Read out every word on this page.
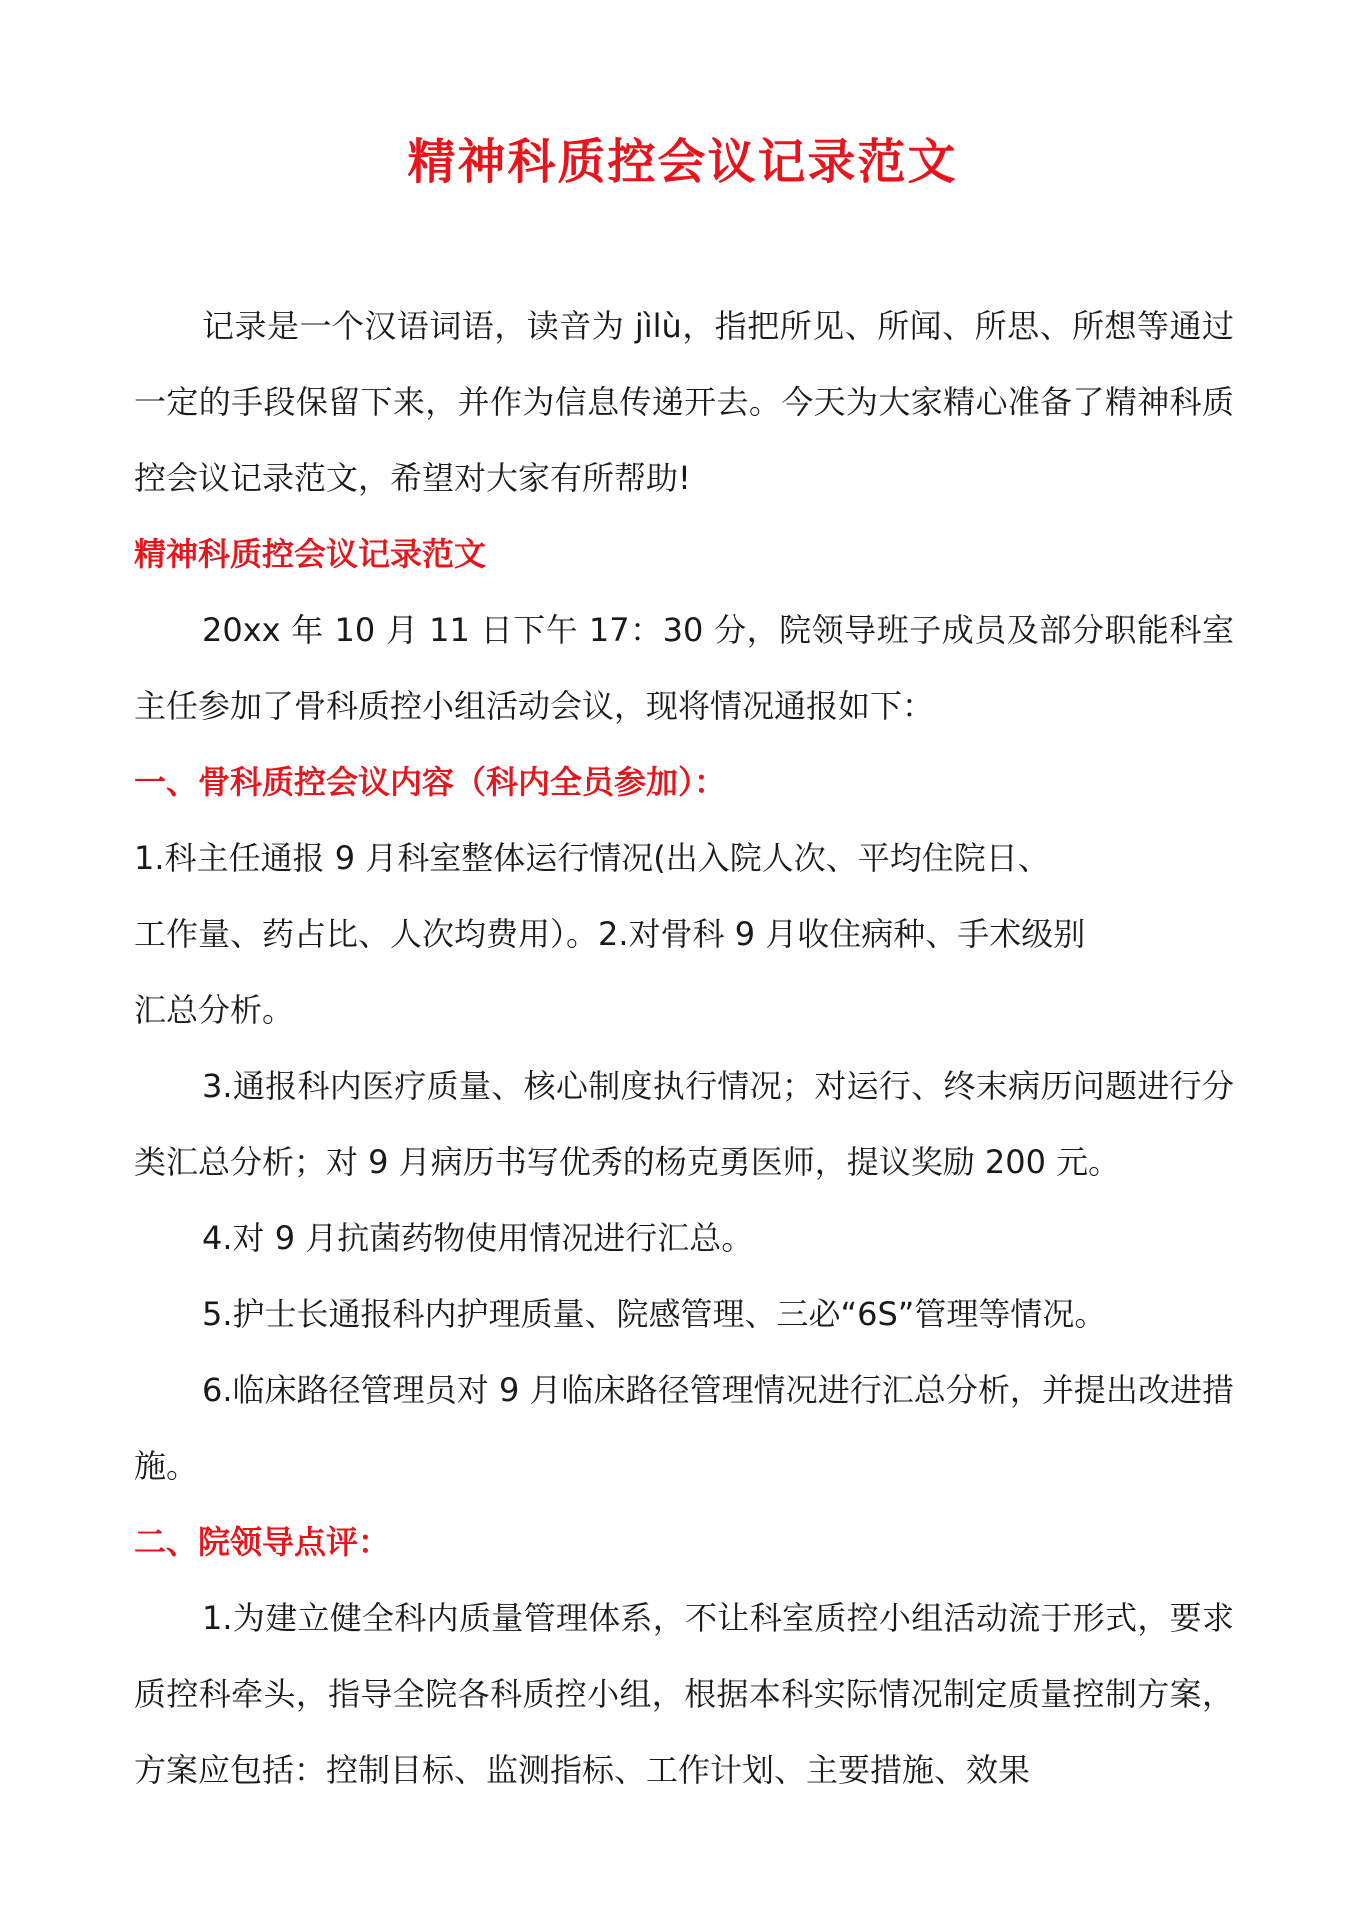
精神科质控会议记录范文

记录是一个汉语词语，读音为 jìlù，指把所见、所闻、所思、所想等通过一定的手段保留下来，并作为信息传递开去。今天为大家精心准备了精神科质控会议记录范文，希望对大家有所帮助!

精神科质控会议记录范文

20xx 年 10 月 11 日下午 17：30 分，院领导班子成员及部分职能科室主任参加了骨科质控小组活动会议，现将情况通报如下：

一、骨科质控会议内容（科内全员参加）：

1.科主任通报 9 月科室整体运行情况(出入院人次、平均住院日、

工作量、药占比、人次均费用）。2.对骨科 9 月收住病种、手术级别

汇总分析。

3.通报科内医疗质量、核心制度执行情况；对运行、终末病历问题进行分类汇总分析；对 9 月病历书写优秀的杨克勇医师，提议奖励 200 元。

4.对 9 月抗菌药物使用情况进行汇总。

5.护士长通报科内护理质量、院感管理、三必“6S”管理等情况。

6.临床路径管理员对 9 月临床路径管理情况进行汇总分析，并提出改进措施。

二、院领导点评：

1.为建立健全科内质量管理体系，不让科室质控小组活动流于形式，要求质控科牵头，指导全院各科质控小组，根据本科实际情况制定质量控制方案，方案应包括：控制目标、监测指标、工作计划、主要措施、效果
